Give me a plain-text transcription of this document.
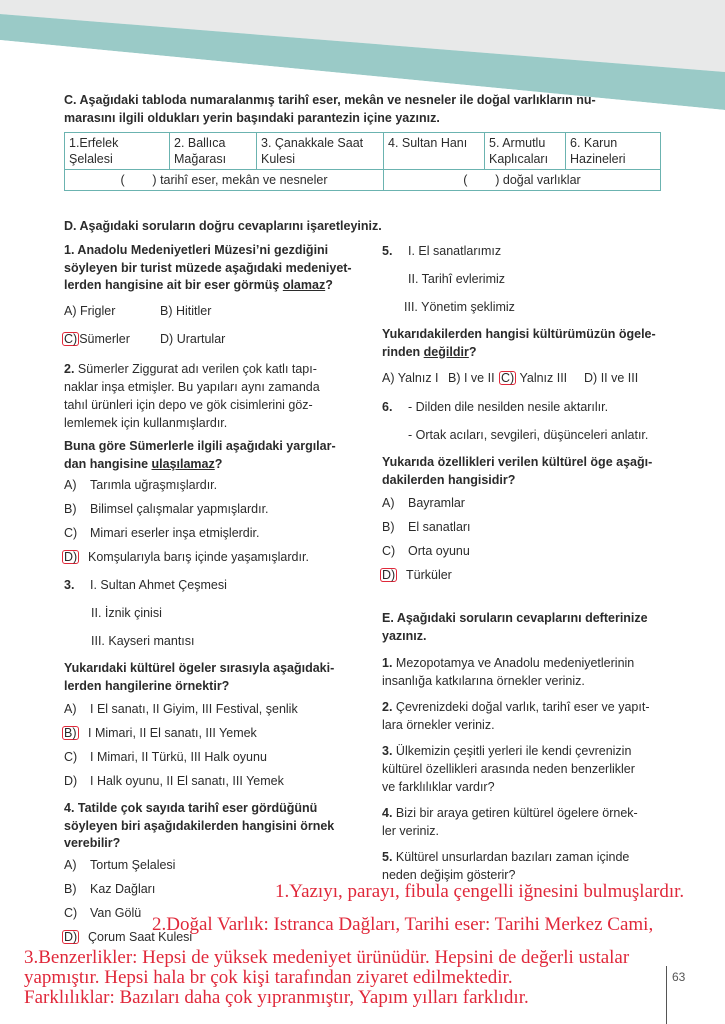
C. Aşağıdaki tabloda numaralanmış tarihî eser, mekân ve nesneler ile doğal varlıkların nu-
marasını ilgili oldukları yerin başındaki parantezin içine yazınız.
1.Erfelek Şelalesi	2. Ballıca Mağarası	3. Çanakkale Saat Kulesi	4. Sultan Hanı	5. Armutlu Kaplıcaları	6. Karun Hazineleri
(        ) tarihî eser, mekân ve nesneler			(        ) doğal varlıklar		
D. Aşağıdaki soruların doğru cevaplarını işaretleyiniz.
1. Anadolu Medeniyetleri Müzesi’ni gezdiğini
söyleyen bir turist müzede aşağıdaki medeniyet-
lerden hangisine ait bir eser görmüş olamaz?
A) Frigler	B) Hititler
C) Sümerler D) Urartular
2. Sümerler Ziggurat adı verilen çok katlı tapı-
naklar inşa etmişler. Bu yapıları aynı zamanda
tahıl ürünleri için depo ve gök cisimlerini göz-
lemlemek için kullanmışlardır.
Buna göre Sümerlerle ilgili aşağıdaki yargılar-
dan hangisine ulaşılamaz?
A) Tarımla uğraşmışlardır.
B) Bilimsel çalışmalar yapmışlardır.
C) Mimari eserler inşa etmişlerdir.
D) Komşularıyla barış içinde yaşamışlardır.
3. I. Sultan Ahmet Çeşmesi
II. İznik çinisi
III. Kayseri mantısı
Yukarıdaki kültürel ögeler sırasıyla aşağıdaki-
lerden hangilerine örnektir?
A) I El sanatı, II Giyim, III Festival, şenlik
B) I Mimari, II El sanatı, III Yemek
C) I Mimari, II Türkü, III Halk oyunu
D) I Halk oyunu, II El sanatı, III Yemek
4. Tatilde çok sayıda tarihî eser gördüğünü
söyleyen biri aşağıdakilerden hangisini örnek
verebilir?
A) Tortum Şelalesi
B) Kaz Dağları
C) Van Gölü
D) Çorum Saat Kulesi
5. I. El sanatlarımız
II. Tarihî evlerimiz
III. Yönetim şeklimiz
Yukarıdakilerden hangisi kültürümüzün ögele-
rinden değildir?
A) Yalnız I B) I ve II C) Yalnız III D) II ve III
6. - Dilden dile nesilden nesile aktarılır.
- Ortak acıları, sevgileri, düşünceleri anlatır.
Yukarıda özellikleri verilen kültürel öge aşağı-
dakilerden hangisidir?
A) Bayramlar
B) El sanatları
C) Orta oyunu
D) Türküler
E. Aşağıdaki soruların cevaplarını defterinize
yazınız.
1. Mezopotamya ve Anadolu medeniyetlerinin
insanlığa katkılarına örnekler veriniz.
2. Çevrenizdeki doğal varlık, tarihî eser ve yapıt-
lara örnekler veriniz.
3. Ülkemizin çeşitli yerleri ile kendi çevrenizin
kültürel özellikleri arasında neden benzerlikler
ve farklılıklar vardır?
4. Bizi bir araya getiren kültürel ögelere örnek-
ler veriniz.
5. Kültürel unsurlardan bazıları zaman içinde
neden değişim gösterir?
1.Yazıyı, parayı, fibula çengelli iğnesini bulmuşlardır.
2.Doğal Varlık: Istranca Dağları, Tarihi eser: Tarihi Merkez Cami,
3.Benzerlikler: Hepsi de yüksek medeniyet ürünüdür. Hepsini de değerli ustalar
yapmıştır. Hepsi hala br çok kişi tarafından ziyaret edilmektedir.
Farklılıklar: Bazıları daha çok yıpranmıştır, Yapım yılları farklıdır.
63
